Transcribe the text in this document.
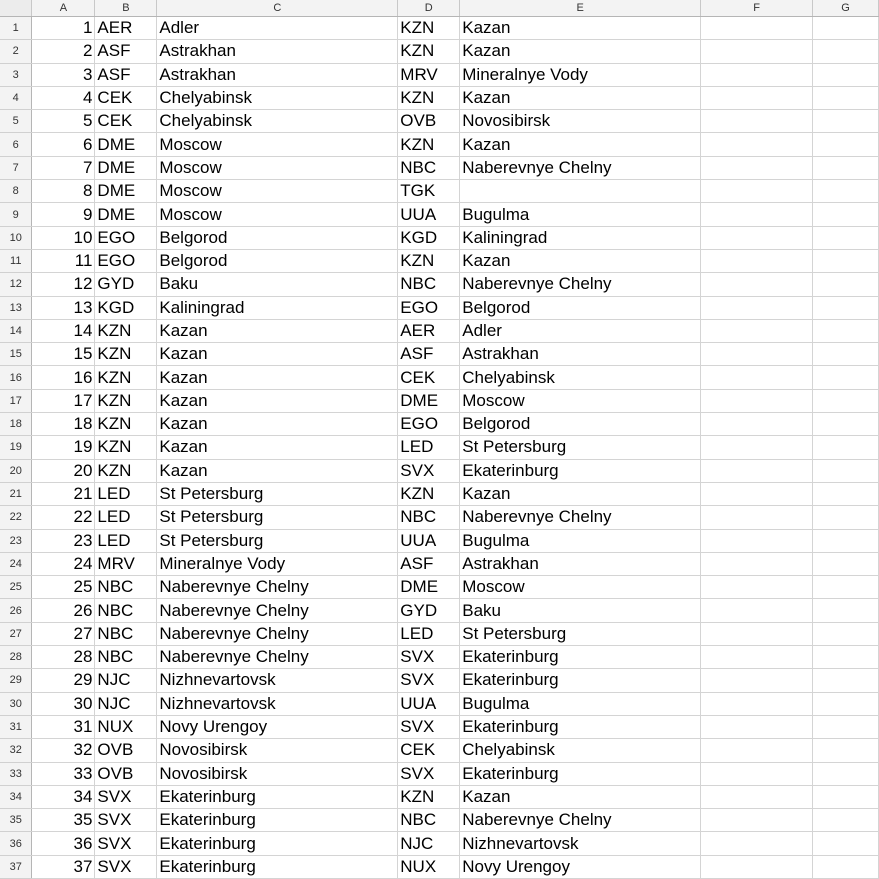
	A	B	C	D	E	F	G
1	1	AER	Adler	KZN	Kazan		
2	2	ASF	Astrakhan	KZN	Kazan		
3	3	ASF	Astrakhan	MRV	Mineralnye Vody		
4	4	CEK	Chelyabinsk	KZN	Kazan		
5	5	CEK	Chelyabinsk	OVB	Novosibirsk		
6	6	DME	Moscow	KZN	Kazan		
7	7	DME	Moscow	NBC	Naberevnye Chelny		
8	8	DME	Moscow	TGK			
9	9	DME	Moscow	UUA	Bugulma		
10	10	EGO	Belgorod	KGD	Kaliningrad		
11	11	EGO	Belgorod	KZN	Kazan		
12	12	GYD	Baku	NBC	Naberevnye Chelny		
13	13	KGD	Kaliningrad	EGO	Belgorod		
14	14	KZN	Kazan	AER	Adler		
15	15	KZN	Kazan	ASF	Astrakhan		
16	16	KZN	Kazan	CEK	Chelyabinsk		
17	17	KZN	Kazan	DME	Moscow		
18	18	KZN	Kazan	EGO	Belgorod		
19	19	KZN	Kazan	LED	St Petersburg		
20	20	KZN	Kazan	SVX	Ekaterinburg		
21	21	LED	St Petersburg	KZN	Kazan		
22	22	LED	St Petersburg	NBC	Naberevnye Chelny		
23	23	LED	St Petersburg	UUA	Bugulma		
24	24	MRV	Mineralnye Vody	ASF	Astrakhan		
25	25	NBC	Naberevnye Chelny	DME	Moscow		
26	26	NBC	Naberevnye Chelny	GYD	Baku		
27	27	NBC	Naberevnye Chelny	LED	St Petersburg		
28	28	NBC	Naberevnye Chelny	SVX	Ekaterinburg		
29	29	NJC	Nizhnevartovsk	SVX	Ekaterinburg		
30	30	NJC	Nizhnevartovsk	UUA	Bugulma		
31	31	NUX	Novy Urengoy	SVX	Ekaterinburg		
32	32	OVB	Novosibirsk	CEK	Chelyabinsk		
33	33	OVB	Novosibirsk	SVX	Ekaterinburg		
34	34	SVX	Ekaterinburg	KZN	Kazan		
35	35	SVX	Ekaterinburg	NBC	Naberevnye Chelny		
36	36	SVX	Ekaterinburg	NJC	Nizhnevartovsk		
37	37	SVX	Ekaterinburg	NUX	Novy Urengoy		
